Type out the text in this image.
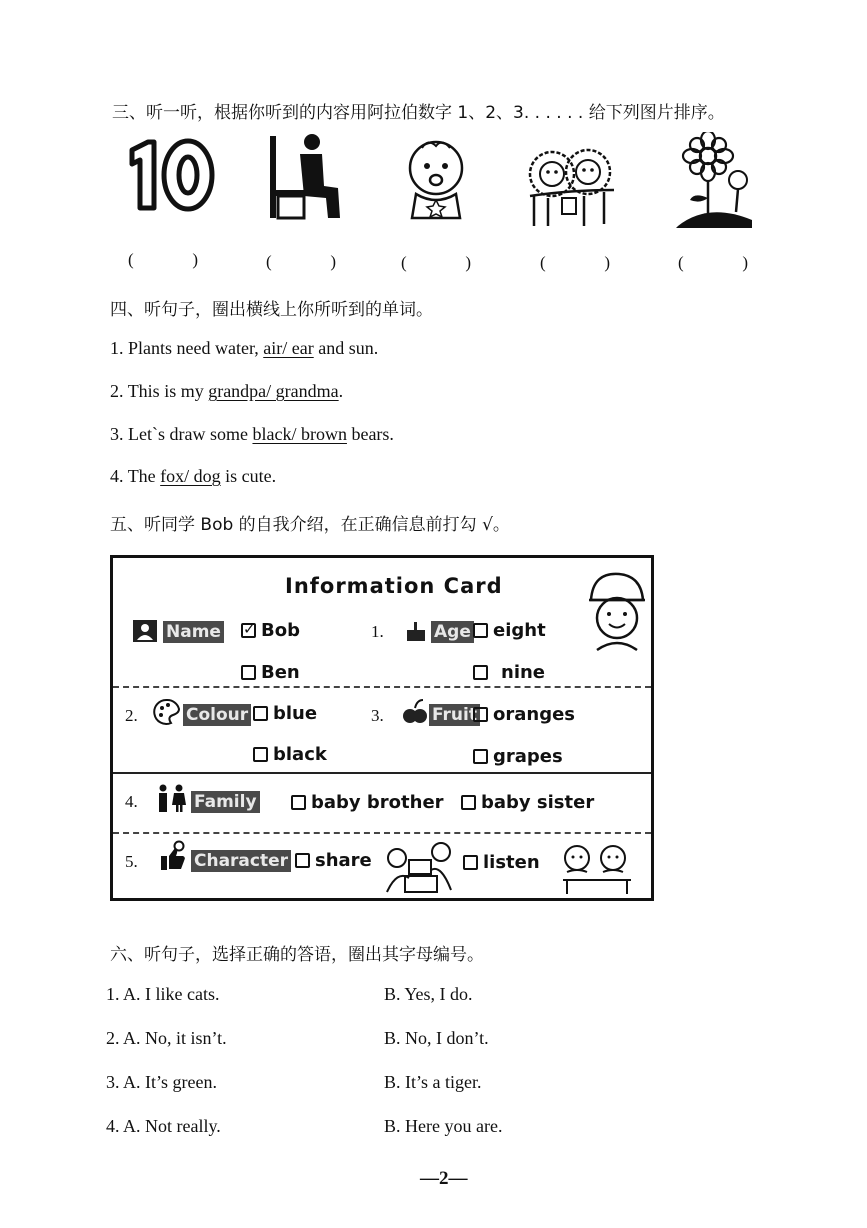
三、听一听，根据你听到的内容用阿拉伯数字 1、2、3. . . . . . 给下列图片排序。
(	)	(	)	(	)	(	)	(	)
四、听句子，圈出横线上你所听到的单词。
1. Plants need water, air/ ear and sun.
2. This is my grandpa/ grandma.
3. Let`s draw some black/ brown bears.
4. The fox/ dog is cute.
五、听同学 Bob 的自我介绍，在正确信息前打勾 √。
Information Card
Name
✓ Bob
Ben
1.	Age eight
nine
2.	Colour blue
black
3.	Fruit oranges
grapes
4.	Family	baby brother baby sister
5.	Character share	listen
六、听句子，选择正确的答语，圈出其字母编号。
1. A. I like cats.	B. Yes, I do.
2. A. No, it isn’t.	B. No, I don’t.
3. A. It’s green.	B. It’s a tiger.
4. A. Not really.	B. Here you are.
—2—
